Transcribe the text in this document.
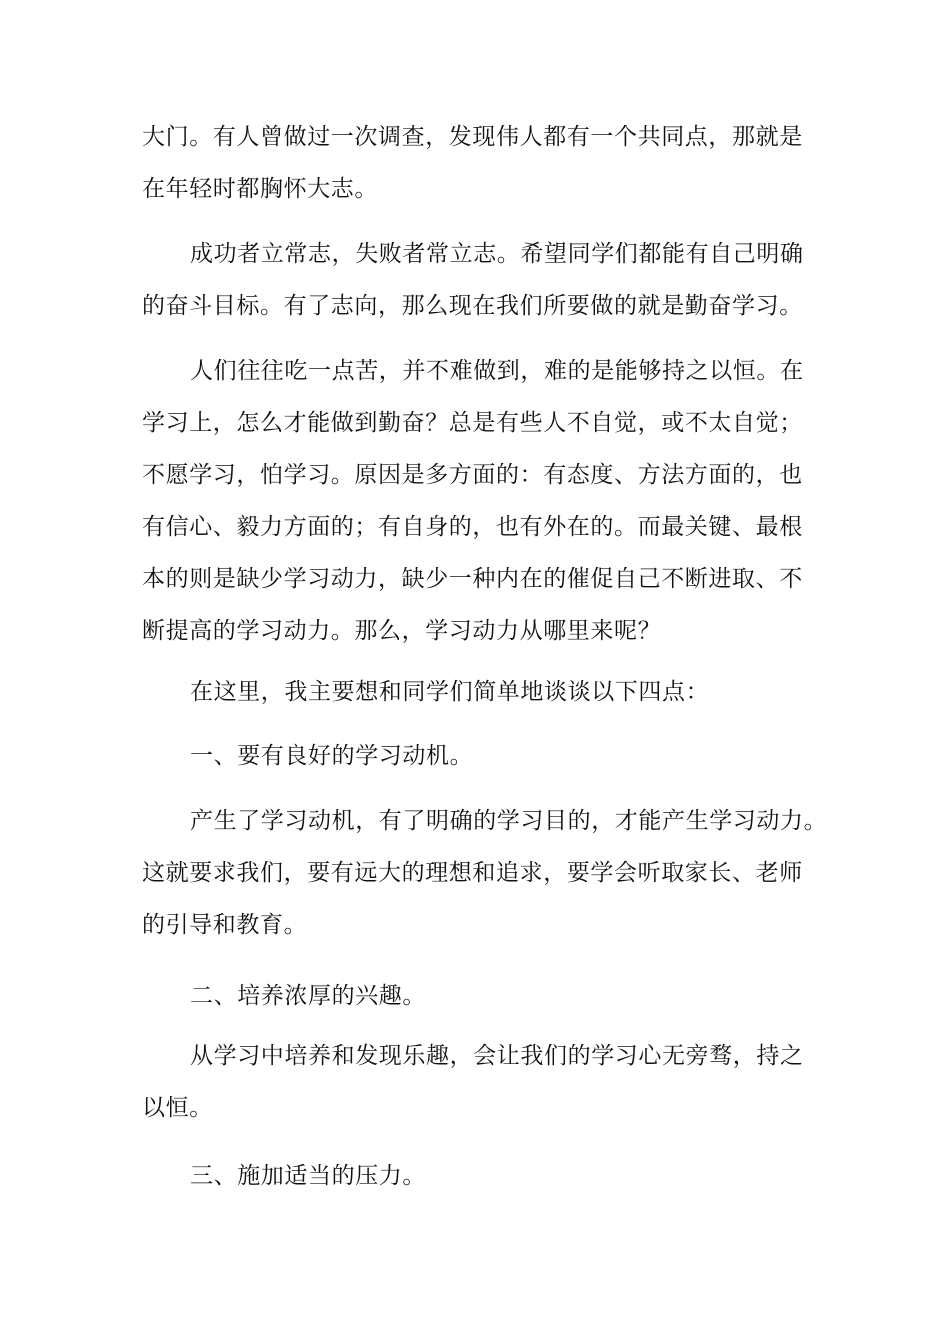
大门。有人曾做过一次调查，发现伟人都有一个共同点，那就是
在年轻时都胸怀大志。

成功者立常志，失败者常立志。希望同学们都能有自己明确
的奋斗目标。有了志向，那么现在我们所要做的就是勤奋学习。

人们往往吃一点苦，并不难做到，难的是能够持之以恒。在
学习上，怎么才能做到勤奋？总是有些人不自觉，或不太自觉；
不愿学习，怕学习。原因是多方面的：有态度、方法方面的，也
有信心、毅力方面的；有自身的，也有外在的。而最关键、最根
本的则是缺少学习动力，缺少一种内在的催促自己不断进取、不
断提高的学习动力。那么，学习动力从哪里来呢？

在这里，我主要想和同学们简单地谈谈以下四点：

一、要有良好的学习动机。

产生了学习动机，有了明确的学习目的，才能产生学习动力。
这就要求我们，要有远大的理想和追求，要学会听取家长、老师
的引导和教育。

二、培养浓厚的兴趣。

从学习中培养和发现乐趣，会让我们的学习心无旁骛，持之
以恒。

三、施加适当的压力。
